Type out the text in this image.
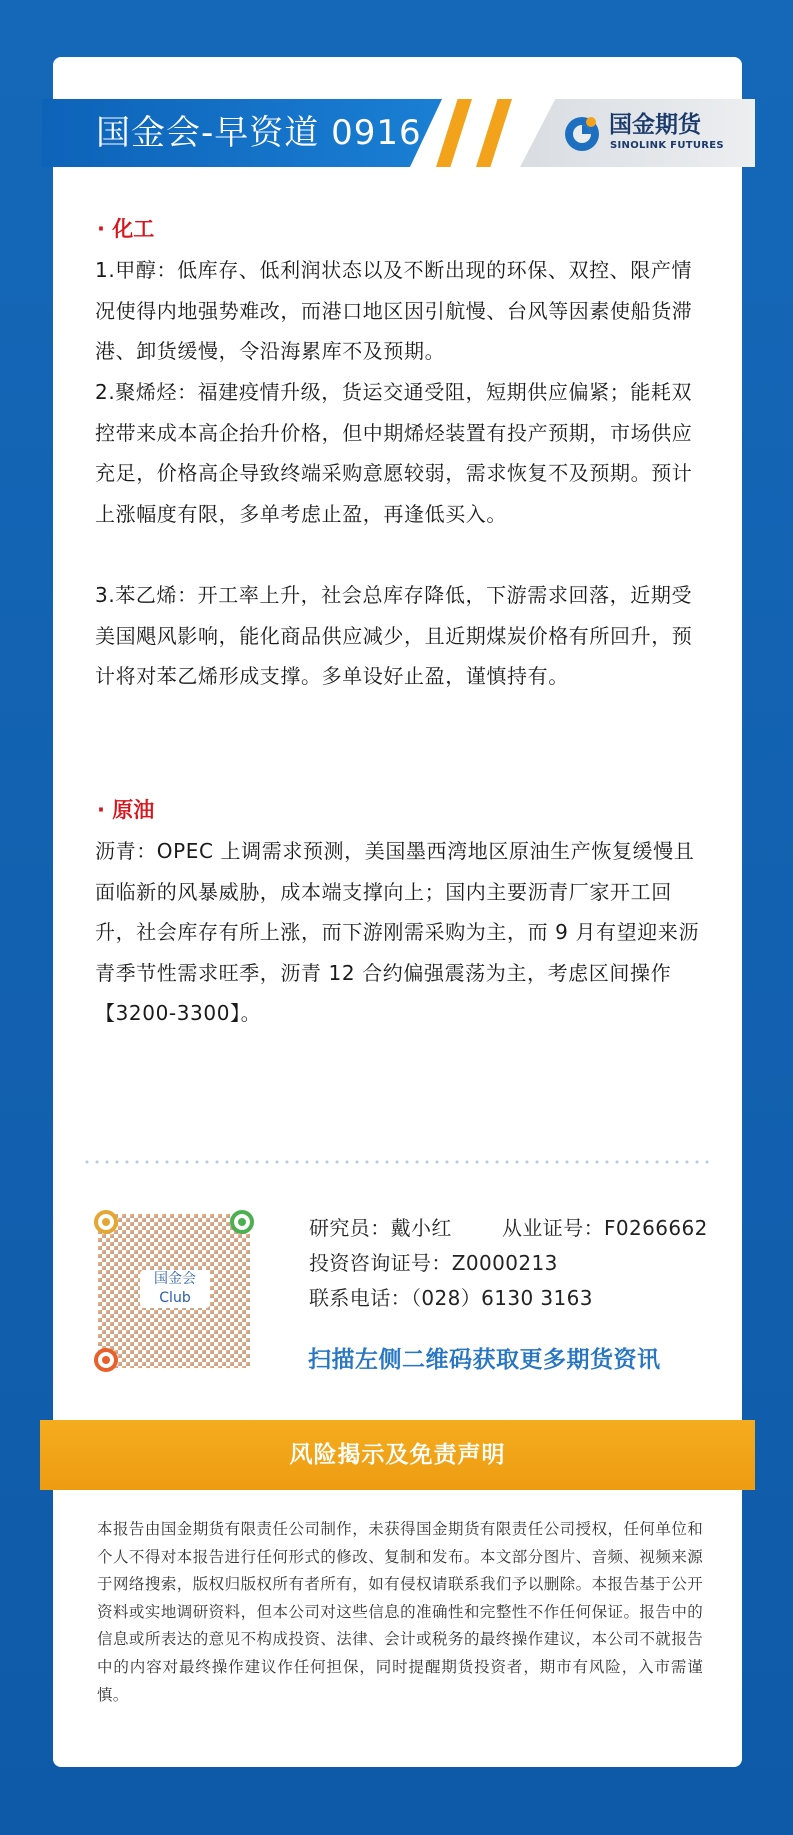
国金会-早资道 0916	国金期货
SINOLINK FUTURES
· 化工
1.甲醇：低库存、低利润状态以及不断出现的环保、双控、限产情况使得内地强势难改，而港口地区因引航慢、台风等因素使船货滞港、卸货缓慢，令沿海累库不及预期。
2.聚烯烃：福建疫情升级，货运交通受阻，短期供应偏紧；能耗双控带来成本高企抬升价格，但中期烯烃装置有投产预期，市场供应充足，价格高企导致终端采购意愿较弱，需求恢复不及预期。预计上涨幅度有限，多单考虑止盈，再逢低买入。
3.苯乙烯：开工率上升，社会总库存降低，下游需求回落，近期受美国飓风影响，能化商品供应减少，且近期煤炭价格有所回升，预计将对苯乙烯形成支撑。多单设好止盈，谨慎持有。
· 原油
沥青：OPEC 上调需求预测，美国墨西湾地区原油生产恢复缓慢且面临新的风暴威胁，成本端支撑向上；国内主要沥青厂家开工回升，社会库存有所上涨，而下游刚需采购为主，而 9 月有望迎来沥青季节性需求旺季，沥青 12 合约偏强震荡为主，考虑区间操作【3200-3300】。
国金会 Club
研究员：戴小红	从业证号：F0266662
投资咨询证号：Z0000213
联系电话：（028）6130 3163
扫描左侧二维码获取更多期货资讯
风险揭示及免责声明
本报告由国金期货有限责任公司制作，未获得国金期货有限责任公司授权，任何单位和个人不得对本报告进行任何形式的修改、复制和发布。本文部分图片、音频、视频来源于网络搜索，版权归版权所有者所有，如有侵权请联系我们予以删除。本报告基于公开资料或实地调研资料，但本公司对这些信息的准确性和完整性不作任何保证。报告中的信息或所表达的意见不构成投资、法律、会计或税务的最终操作建议，本公司不就报告中的内容对最终操作建议作任何担保，同时提醒期货投资者，期市有风险，入市需谨慎。
